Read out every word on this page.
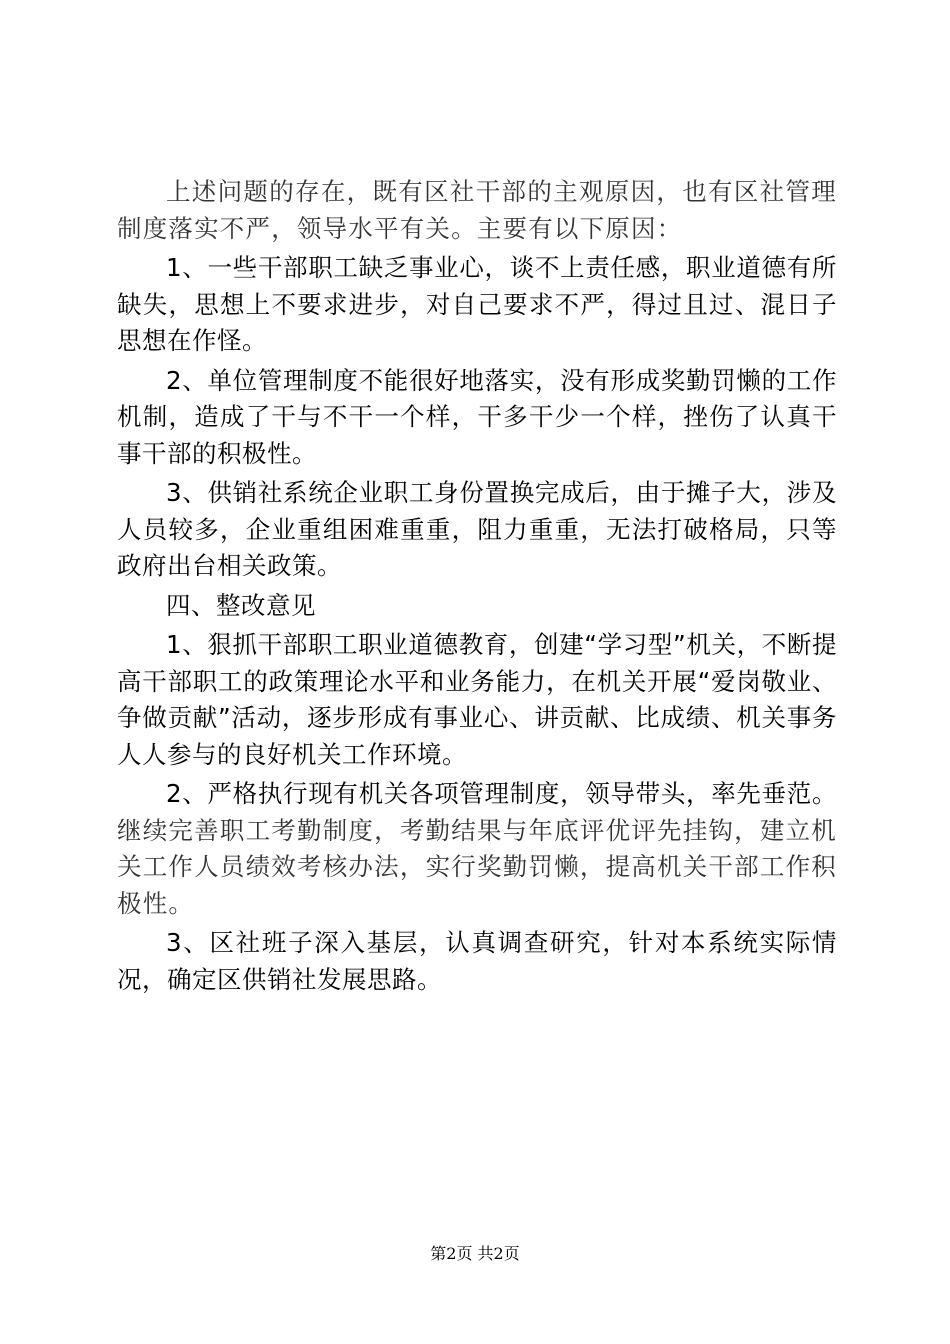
上述问题的存在，既有区社干部的主观原因，也有区社管理制度落实不严，领导水平有关。主要有以下原因：

1、一些干部职工缺乏事业心，谈不上责任感，职业道德有所缺失，思想上不要求进步，对自己要求不严，得过且过、混日子思想在作怪。

2、单位管理制度不能很好地落实，没有形成奖勤罚懒的工作机制，造成了干与不干一个样，干多干少一个样，挫伤了认真干事干部的积极性。

3、供销社系统企业职工身份置换完成后，由于摊子大，涉及人员较多，企业重组困难重重，阻力重重，无法打破格局，只等政府出台相关政策。

四、整改意见

1、狠抓干部职工职业道德教育，创建“学习型”机关，不断提高干部职工的政策理论水平和业务能力，在机关开展“爱岗敬业、争做贡献”活动，逐步形成有事业心、讲贡献、比成绩、机关事务人人参与的良好机关工作环境。

2、严格执行现有机关各项管理制度，领导带头，率先垂范。继续完善职工考勤制度，考勤结果与年底评优评先挂钩，建立机关工作人员绩效考核办法，实行奖勤罚懒，提高机关干部工作积极性。

3、区社班子深入基层，认真调查研究，针对本系统实际情况，确定区供销社发展思路。

第2页 共2页
